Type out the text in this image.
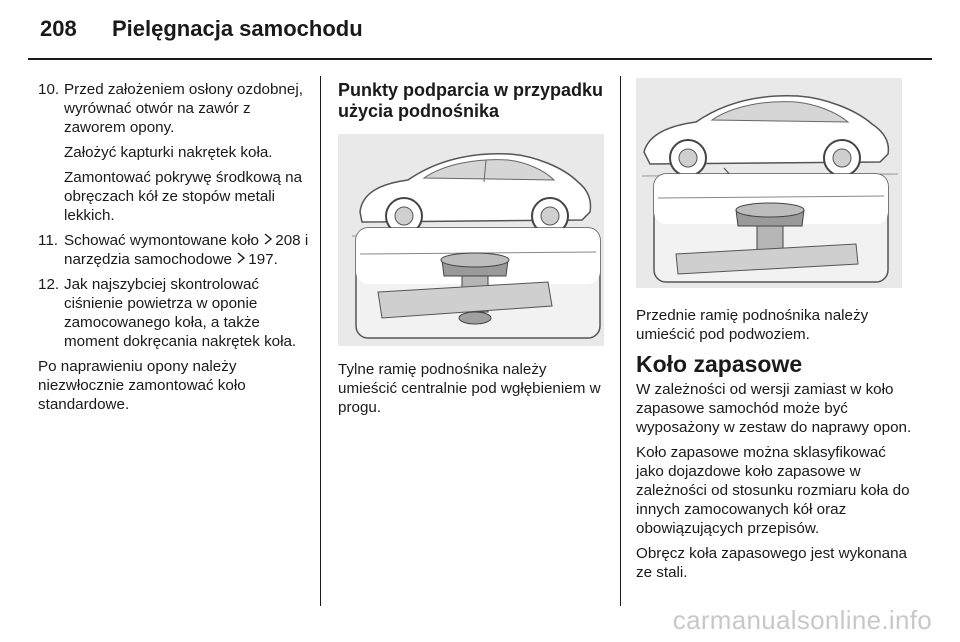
208 Pielęgnacja samochodu
10. Przed założeniem osłony ozdobnej, wyrównać otwór na zawór z zaworem opony.
Założyć kapturki nakrętek koła.
Zamontować pokrywę środkową na obręczach kół ze stopów metali lekkich.
11. Schować wymontowane koło 208 i narzędzia samochodowe 197.
12. Jak najszybciej skontrolować ciśnienie powietrza w oponie zamocowanego koła, a także moment dokręcania nakrętek koła.
Po naprawieniu opony należy niezwłocznie zamontować koło standardowe.
Punkty podparcia w przypadku użycia podnośnika
Tylne ramię podnośnika należy umieścić centralnie pod wgłębieniem w progu.
Przednie ramię podnośnika należy umieścić pod podwoziem.
Koło zapasowe
W zależności od wersji zamiast w koło zapasowe samochód może być wyposażony w zestaw do naprawy opon.
Koło zapasowe można sklasyfikować jako dojazdowe koło zapasowe w zależności od stosunku rozmiaru koła do innych zamocowanych kół oraz obowiązujących przepisów.
Obręcz koła zapasowego jest wykonana ze stali.
carmanualsonline.info
